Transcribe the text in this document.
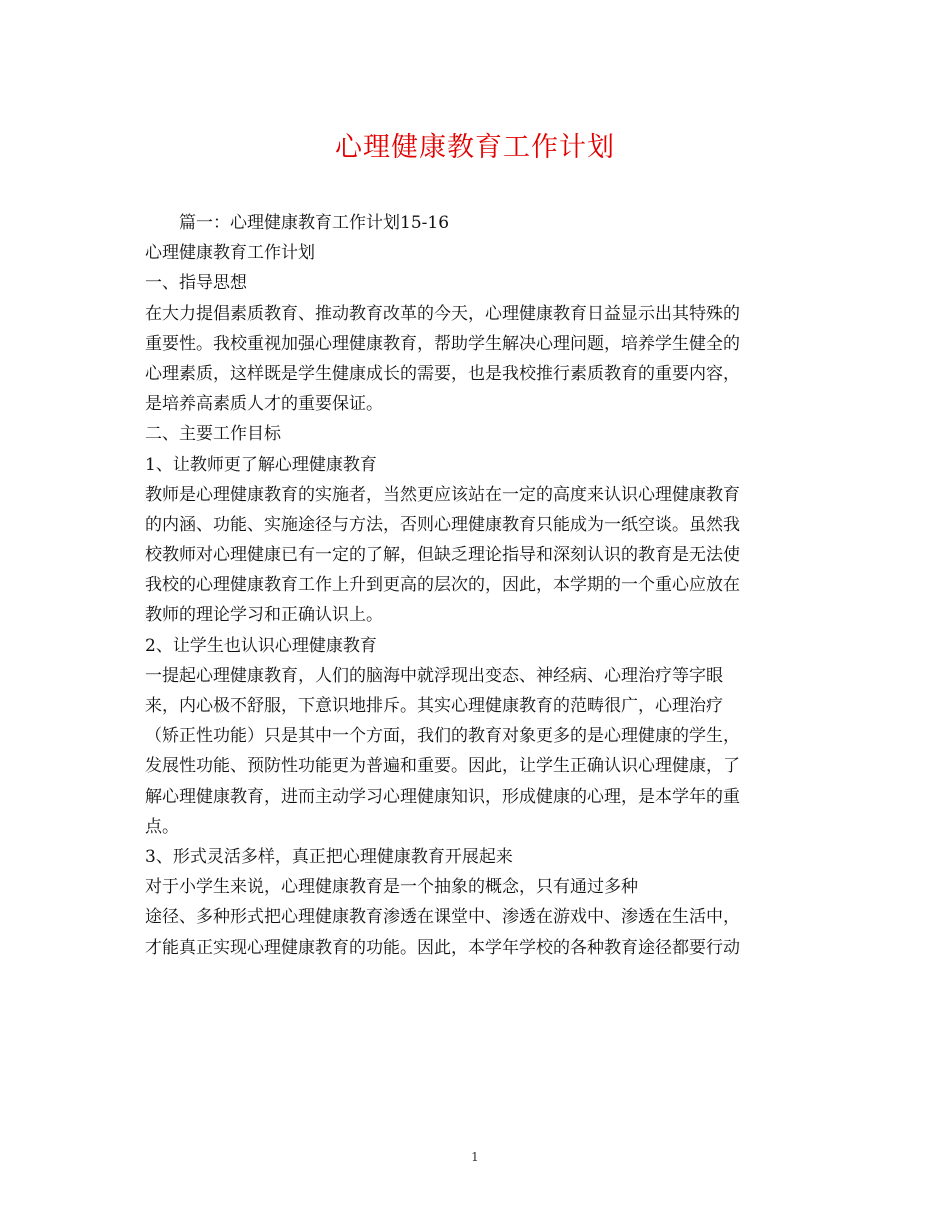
心理健康教育工作计划
篇一：心理健康教育工作计划15-16
心理健康教育工作计划
一、指导思想
在大力提倡素质教育、推动教育改革的今天，心理健康教育日益显示出其特殊的
重要性。我校重视加强心理健康教育，帮助学生解决心理问题，培养学生健全的
心理素质，这样既是学生健康成长的需要，也是我校推行素质教育的重要内容，
是培养高素质人才的重要保证。
二、主要工作目标
1、让教师更了解心理健康教育
教师是心理健康教育的实施者，当然更应该站在一定的高度来认识心理健康教育
的内涵、功能、实施途径与方法，否则心理健康教育只能成为一纸空谈。虽然我
校教师对心理健康已有一定的了解，但缺乏理论指导和深刻认识的教育是无法使
我校的心理健康教育工作上升到更高的层次的，因此，本学期的一个重心应放在
教师的理论学习和正确认识上。
2、让学生也认识心理健康教育
一提起心理健康教育，人们的脑海中就浮现出变态、神经病、心理治疗等字眼
来，内心极不舒服，下意识地排斥。其实心理健康教育的范畴很广，心理治疗
（矫正性功能）只是其中一个方面，我们的教育对象更多的是心理健康的学生，
发展性功能、预防性功能更为普遍和重要。因此，让学生正确认识心理健康，了
解心理健康教育，进而主动学习心理健康知识，形成健康的心理，是本学年的重
点。
3、形式灵活多样，真正把心理健康教育开展起来
对于小学生来说，心理健康教育是一个抽象的概念，只有通过多种
途径、多种形式把心理健康教育渗透在课堂中、渗透在游戏中、渗透在生活中，
才能真正实现心理健康教育的功能。因此，本学年学校的各种教育途径都要行动
1
